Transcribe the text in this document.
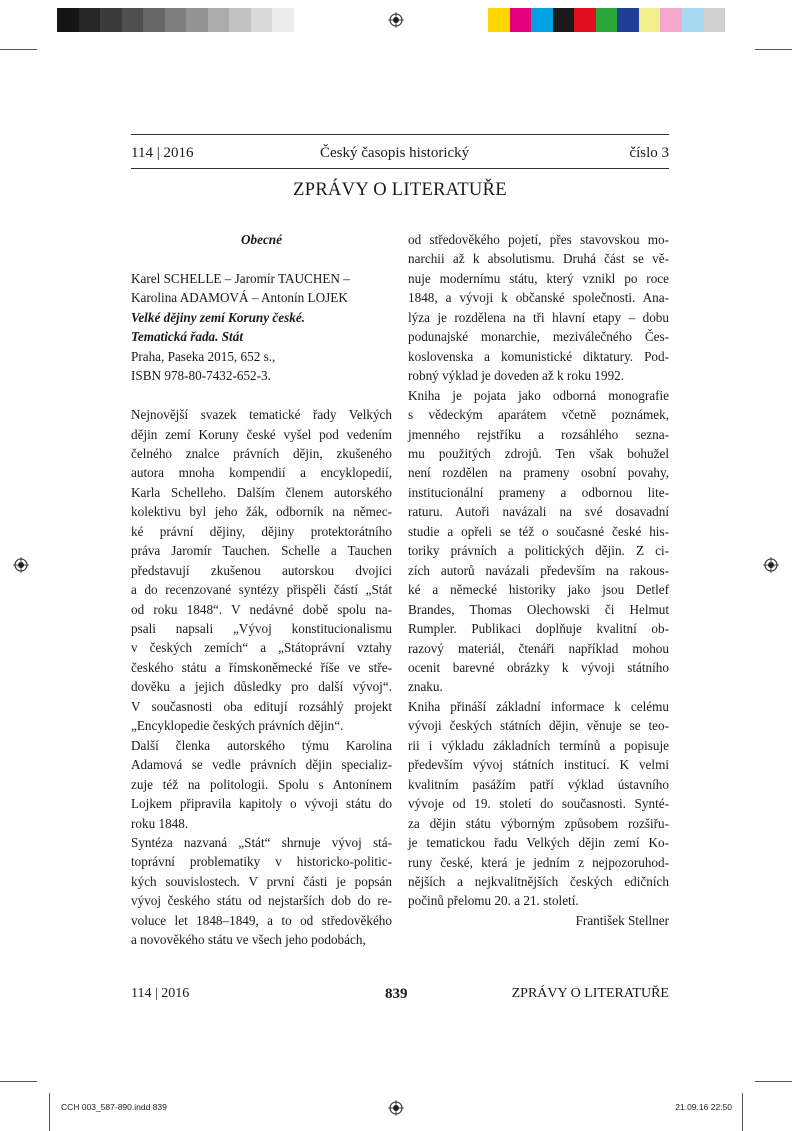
114 | 2016	Český časopis historický	číslo 3
ZPRÁVY O LITERATUŘE
Obecné
Karel SCHELLE – Jaromír TAUCHEN –
Karolina ADAMOVÁ – Antonín LOJEK
Velké dějiny zemí Koruny české.
Tematická řada. Stát
Praha, Paseka 2015, 652 s.,
ISBN 978-80-7432-652-3.
Nejnovější svazek tematické řady Velkých
dějin zemí Koruny české vyšel pod vedením
čelného znalce právních dějin, zkušeného
autora mnoha kompendií a encyklopedií,
Karla Schelleho. Dalším členem autorského
kolektivu byl jeho žák, odborník na němec-
ké právní dějiny, dějiny protektorátního
práva Jaromír Tauchen. Schelle a Tauchen
představují zkušenou autorskou dvojici
a do recenzované syntézy přispěli částí „Stát
od roku 1848“. V nedávné době spolu na-
psali napsali „Vývoj konstitucionalismu
v českých zemích“ a „Státoprávní vztahy
českého státu a římskoněmecké říše ve stře-
dověku a jejich důsledky pro další vývoj“.
V současnosti oba editují rozsáhlý projekt
„Encyklopedie českých právních dějin“.
Další členka autorského týmu Karolina
Adamová se vedle právních dějin specializ-
zuje též na politologii. Spolu s Antonínem
Lojkem připravila kapitoly o vývoji státu do
roku 1848.
Syntéza nazvaná „Stát“ shrnuje vývoj stá-
toprávní problematiky v historicko-politic-
kých souvislostech. V první části je popsán
vývoj českého státu od nejstarších dob do re-
voluce let 1848–1849, a to od středověkého
a novověkého státu ve všech jeho podobách,
od středověkého pojetí, přes stavovskou mo-
narchii až k absolutismu. Druhá část se vě-
nuje modernímu státu, který vznikl po roce
1848, a vývoji k občanské společnosti. Ana-
lýza je rozdělena na tři hlavní etapy – dobu
podunajské monarchie, meziválečného Čes-
koslovenska a komunistické diktatury. Pod-
robný výklad je doveden až k roku 1992.
Kniha je pojata jako odborná monografie
s vědeckým aparátem včetně poznámek,
jmenného rejstříku a rozsáhlého sezna-
mu použitých zdrojů. Ten však bohužel
není rozdělen na prameny osobní povahy,
institucionální prameny a odbornou lite-
raturu. Autoři navázali na své dosavadní
studie a opřeli se též o současné české his-
toriky právních a politických dějin. Z ci-
zích autorů navázali především na rakous-
ké a německé historiky jako jsou Detlef
Brandes, Thomas Olechowski či Helmut
Rumpler. Publikaci doplňuje kvalitní ob-
razový materiál, čtenáři například mohou
ocenit barevné obrázky k vývoji státního
znaku.
Kniha přináší základní informace k celému
vývoji českých státních dějin, věnuje se teo-
rii i výkladu základních termínů a popisuje
především vývoj státních institucí. K velmi
kvalitním pasážím patří výklad ústavního
vývoje od 19. století do současnosti. Synté-
za dějin státu výborným způsobem rozšiřu-
je tematickou řadu Velkých dějin zemí Ko-
runy české, která je jedním z nejpozoruhod-
nějších a nejkvalitnějších českých edičních
počinů přelomu 20. a 21. století.
František Stellner
114 | 2016	839	ZPRÁVY O LITERATUŘE
CCH 003_587-890.indd 839	21.09.16 22:50
